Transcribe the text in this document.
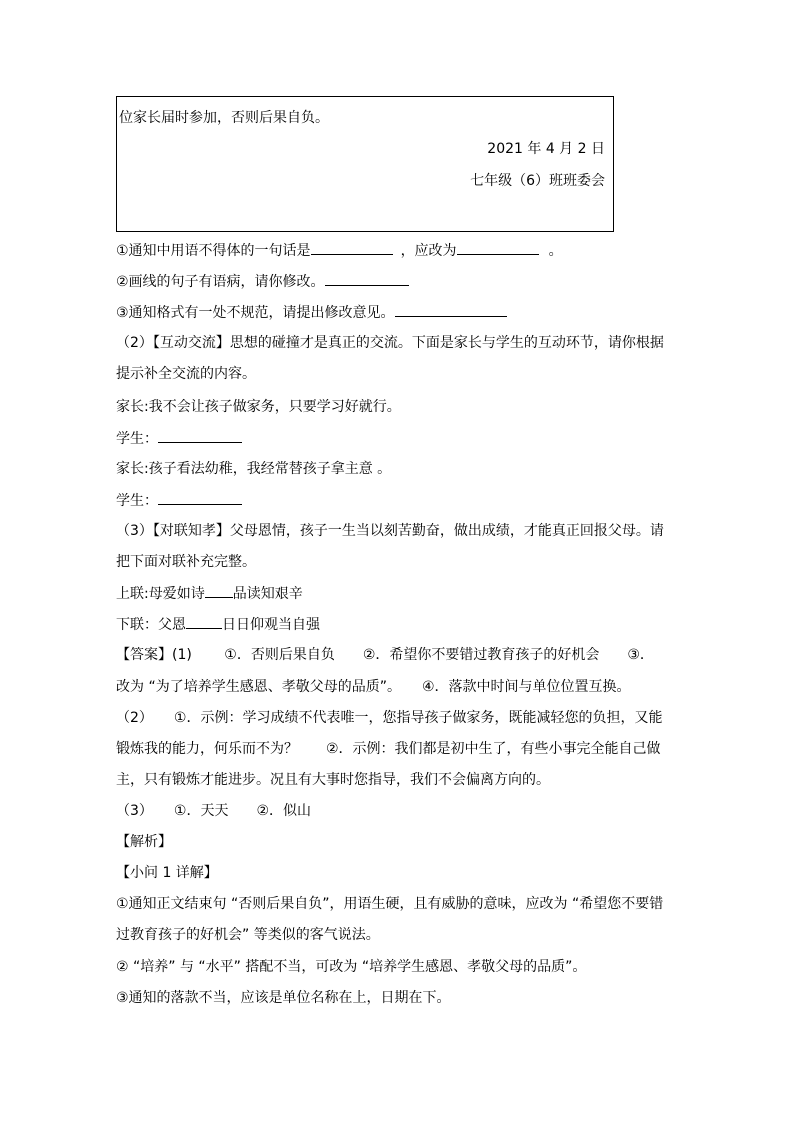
位家长届时参加，否则后果自负。
2021 年 4 月 2 日
七年级（6）班班委会
①通知中用语不得体的一句话是	，应改为	。
②画线的句子有语病，请你修改。
③通知格式有一处不规范，请提出修改意见。
（2）【互动交流】思想的碰撞才是真正的交流。下面是家长与学生的互动环节，请你根据
提示补全交流的内容。
家长:我不会让孩子做家务，只要学习好就行。
学生：
家长:孩子看法幼稚，我经常替孩子拿主意 。
学生：
（3）【对联知孝】父母恩情，孩子一生当以刻苦勤奋，做出成绩，才能真正回报父母。请
把下面对联补充完整。
上联:母爱如诗 品读知艰辛
下联：父恩	日日仰观当自强
【答案】(1)　　 ①．否则后果自负　　②．希望你不要错过教育孩子的好机会　　③．
改为 “为了培养学生感恩、孝敬父母的品质”。　　④．落款中时间与单位位置互换。
（2）　　①．示例：学习成绩不代表唯一，您指导孩子做家务，既能减轻您的负担，又能
锻炼我的能力，何乐而不为？　　②．示例：我们都是初中生了，有些小事完全能自己做
主，只有锻炼才能进步。况且有大事时您指导，我们不会偏离方向的。
（3）　　①．天天　　②．似山
【解析】
【小问 1 详解】
①通知正文结束句 “否则后果自负”，用语生硬，且有威胁的意味，应改为 “希望您不要错
过教育孩子的好机会” 等类似的客气说法。
② “培养” 与 “水平” 搭配不当，可改为 “培养学生感恩、孝敬父母的品质”。
③通知的落款不当，应该是单位名称在上，日期在下。
